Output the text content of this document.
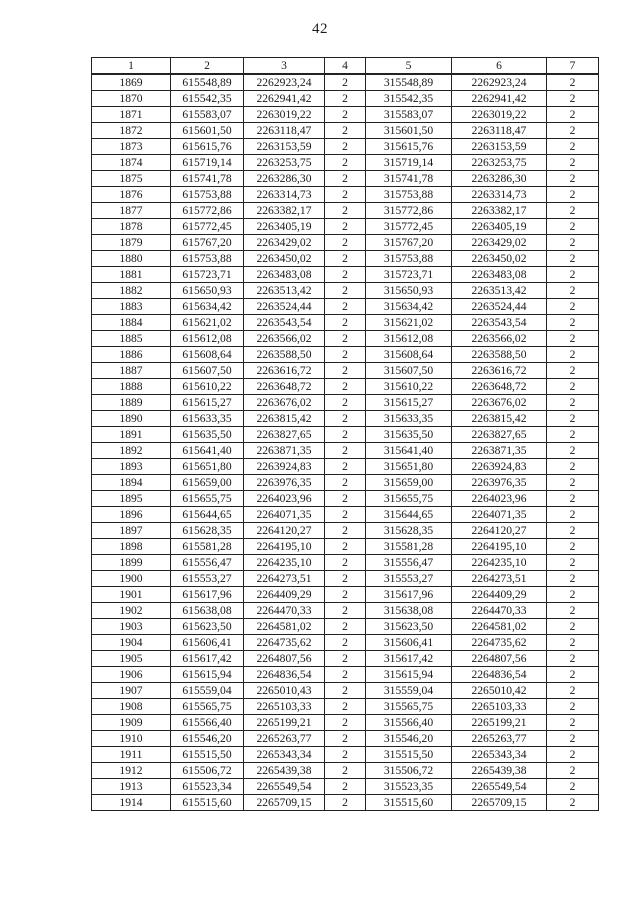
42
1	2	3	4	5	6	7
1869	615548,89	2262923,24	2	315548,89	2262923,24	2
1870	615542,35	2262941,42	2	315542,35	2262941,42	2
1871	615583,07	2263019,22	2	315583,07	2263019,22	2
1872	615601,50	2263118,47	2	315601,50	2263118,47	2
1873	615615,76	2263153,59	2	315615,76	2263153,59	2
1874	615719,14	2263253,75	2	315719,14	2263253,75	2
1875	615741,78	2263286,30	2	315741,78	2263286,30	2
1876	615753,88	2263314,73	2	315753,88	2263314,73	2
1877	615772,86	2263382,17	2	315772,86	2263382,17	2
1878	615772,45	2263405,19	2	315772,45	2263405,19	2
1879	615767,20	2263429,02	2	315767,20	2263429,02	2
1880	615753,88	2263450,02	2	315753,88	2263450,02	2
1881	615723,71	2263483,08	2	315723,71	2263483,08	2
1882	615650,93	2263513,42	2	315650,93	2263513,42	2
1883	615634,42	2263524,44	2	315634,42	2263524,44	2
1884	615621,02	2263543,54	2	315621,02	2263543,54	2
1885	615612,08	2263566,02	2	315612,08	2263566,02	2
1886	615608,64	2263588,50	2	315608,64	2263588,50	2
1887	615607,50	2263616,72	2	315607,50	2263616,72	2
1888	615610,22	2263648,72	2	315610,22	2263648,72	2
1889	615615,27	2263676,02	2	315615,27	2263676,02	2
1890	615633,35	2263815,42	2	315633,35	2263815,42	2
1891	615635,50	2263827,65	2	315635,50	2263827,65	2
1892	615641,40	2263871,35	2	315641,40	2263871,35	2
1893	615651,80	2263924,83	2	315651,80	2263924,83	2
1894	615659,00	2263976,35	2	315659,00	2263976,35	2
1895	615655,75	2264023,96	2	315655,75	2264023,96	2
1896	615644,65	2264071,35	2	315644,65	2264071,35	2
1897	615628,35	2264120,27	2	315628,35	2264120,27	2
1898	615581,28	2264195,10	2	315581,28	2264195,10	2
1899	615556,47	2264235,10	2	315556,47	2264235,10	2
1900	615553,27	2264273,51	2	315553,27	2264273,51	2
1901	615617,96	2264409,29	2	315617,96	2264409,29	2
1902	615638,08	2264470,33	2	315638,08	2264470,33	2
1903	615623,50	2264581,02	2	315623,50	2264581,02	2
1904	615606,41	2264735,62	2	315606,41	2264735,62	2
1905	615617,42	2264807,56	2	315617,42	2264807,56	2
1906	615615,94	2264836,54	2	315615,94	2264836,54	2
1907	615559,04	2265010,43	2	315559,04	2265010,42	2
1908	615565,75	2265103,33	2	315565,75	2265103,33	2
1909	615566,40	2265199,21	2	315566,40	2265199,21	2
1910	615546,20	2265263,77	2	315546,20	2265263,77	2
1911	615515,50	2265343,34	2	315515,50	2265343,34	2
1912	615506,72	2265439,38	2	315506,72	2265439,38	2
1913	615523,34	2265549,54	2	315523,35	2265549,54	2
1914	615515,60	2265709,15	2	315515,60	2265709,15	2
